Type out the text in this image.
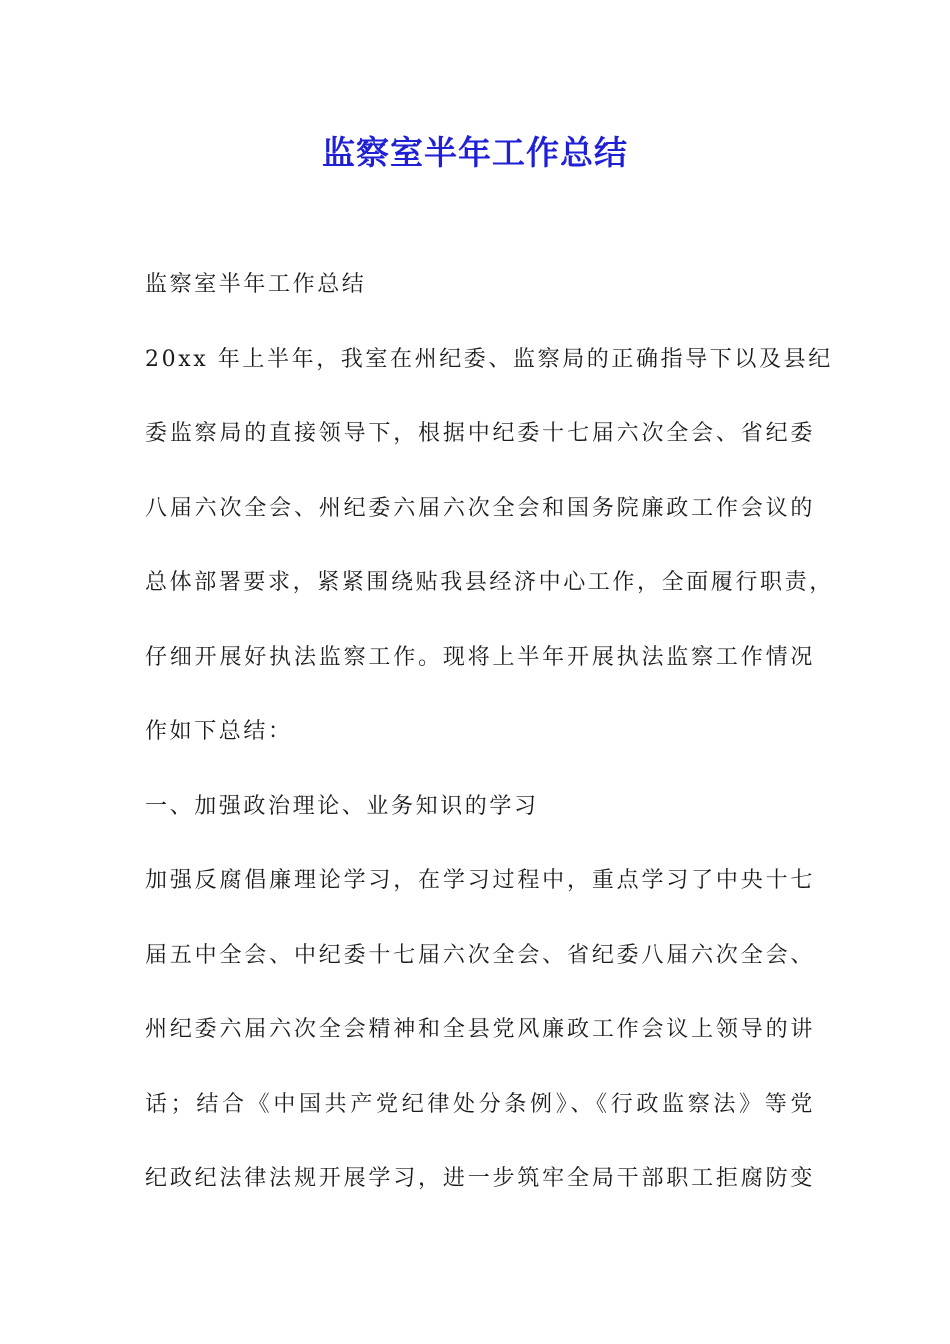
监察室半年工作总结
监察室半年工作总结
20xx 年上半年，我室在州纪委、监察局的正确指导下以及县纪
委监察局的直接领导下，根据中纪委十七届六次全会、省纪委
八届六次全会、州纪委六届六次全会和国务院廉政工作会议的
总体部署要求，紧紧围绕贴我县经济中心工作，全面履行职责，
仔细开展好执法监察工作。现将上半年开展执法监察工作情况
作如下总结：
一、加强政治理论、业务知识的学习
加强反腐倡廉理论学习，在学习过程中，重点学习了中央十七
届五中全会、中纪委十七届六次全会、省纪委八届六次全会、
州纪委六届六次全会精神和全县党风廉政工作会议上领导的讲
话；结合《中国共产党纪律处分条例》、《行政监察法》等党
纪政纪法律法规开展学习，进一步筑牢全局干部职工拒腐防变
